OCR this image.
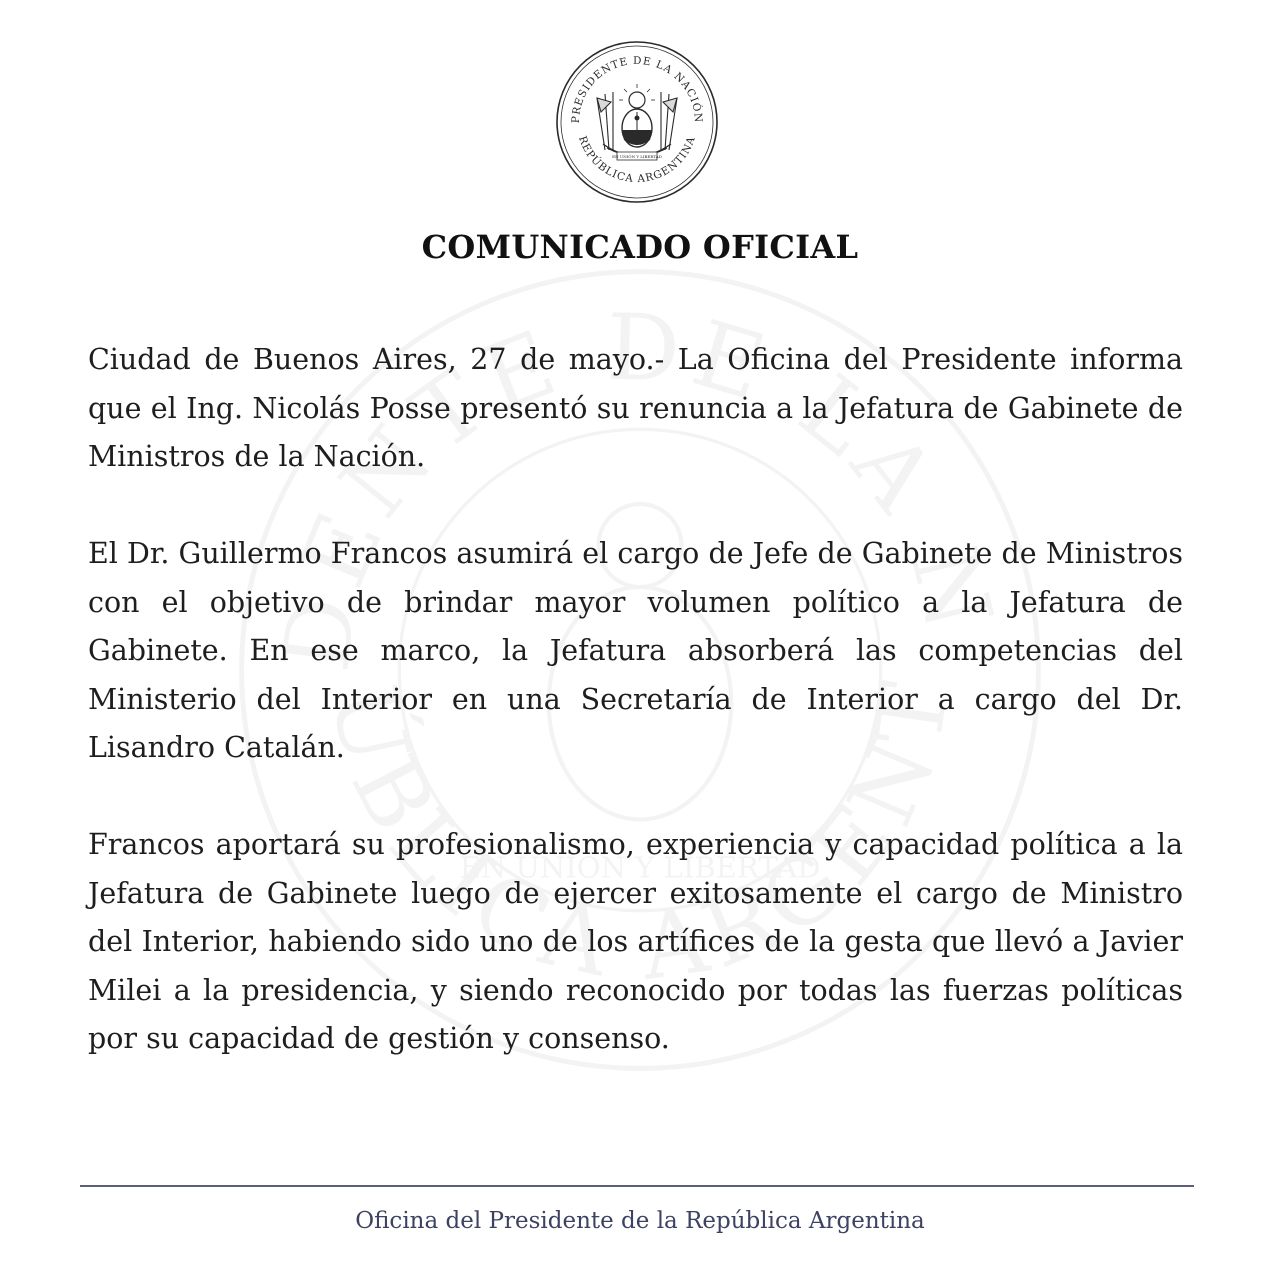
PRESIDENTE DE LA NACIÓN
REPÚBLICA ARGENTINA
EN UNIÓN Y LIBERTAD
COMUNICADO OFICIAL

Ciudad de Buenos Aires, 27 de mayo.- La Oficina del Presidente informa que el Ing. Nicolás Posse presentó su renuncia a la Jefatura de Gabinete de Ministros de la Nación.

El Dr. Guillermo Francos asumirá el cargo de Jefe de Gabinete de Ministros con el objetivo de brindar mayor volumen político a la Jefatura de Gabinete. En ese marco, la Jefatura absorberá las competencias del Ministerio del Interior en una Secretaría de Interior a cargo del Dr. Lisandro Catalán.

Francos aportará su profesionalismo, experiencia y capacidad política a la Jefatura de Gabinete luego de ejercer exitosamente el cargo de Ministro del Interior, habiendo sido uno de los artífices de la gesta que llevó a Javier Milei a la presidencia, y siendo reconocido por todas las fuerzas políticas por su capacidad de gestión y consenso.

Oficina del Presidente de la República Argentina
